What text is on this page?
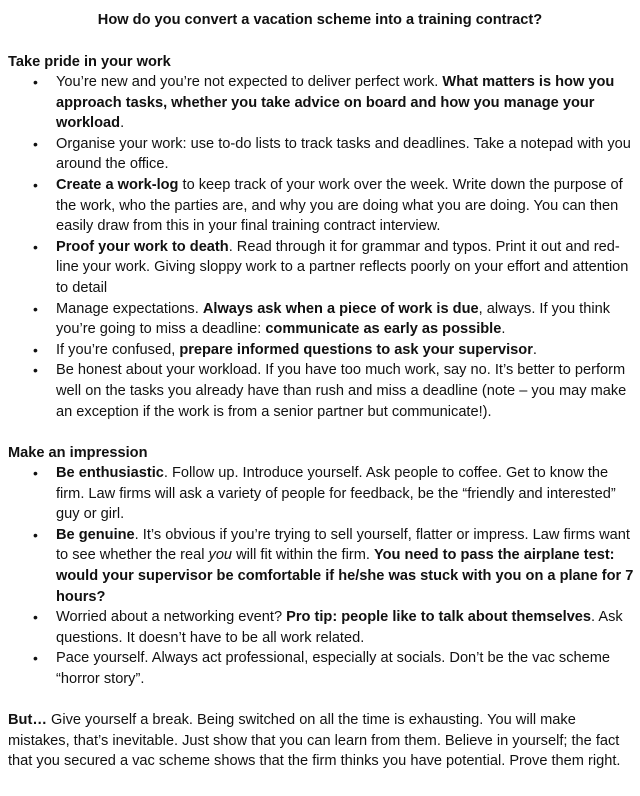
How do you convert a vacation scheme into a training contract?
Take pride in your work
• You’re new and you’re not expected to deliver perfect work. What matters is how you approach tasks, whether you take advice on board and how you manage your workload.
• Organise your work: use to-do lists to track tasks and deadlines. Take a notepad with you around the office.
• Create a work-log to keep track of your work over the week. Write down the purpose of the work, who the parties are, and why you are doing what you are doing. You can then easily draw from this in your final training contract interview.
• Proof your work to death. Read through it for grammar and typos. Print it out and red-line your work. Giving sloppy work to a partner reflects poorly on your effort and attention to detail
• Manage expectations. Always ask when a piece of work is due, always. If you think you’re going to miss a deadline: communicate as early as possible.
• If you’re confused, prepare informed questions to ask your supervisor.
• Be honest about your workload. If you have too much work, say no. It’s better to perform well on the tasks you already have than rush and miss a deadline (note – you may make an exception if the work is from a senior partner but communicate!).
Make an impression
• Be enthusiastic. Follow up. Introduce yourself. Ask people to coffee. Get to know the firm. Law firms will ask a variety of people for feedback, be the “friendly and interested” guy or girl.
• Be genuine. It’s obvious if you’re trying to sell yourself, flatter or impress. Law firms want to see whether the real you will fit within the firm. You need to pass the airplane test: would your supervisor be comfortable if he/she was stuck with you on a plane for 7 hours?
• Worried about a networking event? Pro tip: people like to talk about themselves. Ask questions. It doesn’t have to be all work related.
• Pace yourself. Always act professional, especially at socials. Don’t be the vac scheme “horror story”.
But… Give yourself a break. Being switched on all the time is exhausting. You will make mistakes, that’s inevitable. Just show that you can learn from them. Believe in yourself; the fact that you secured a vac scheme shows that the firm thinks you have potential. Prove them right.
